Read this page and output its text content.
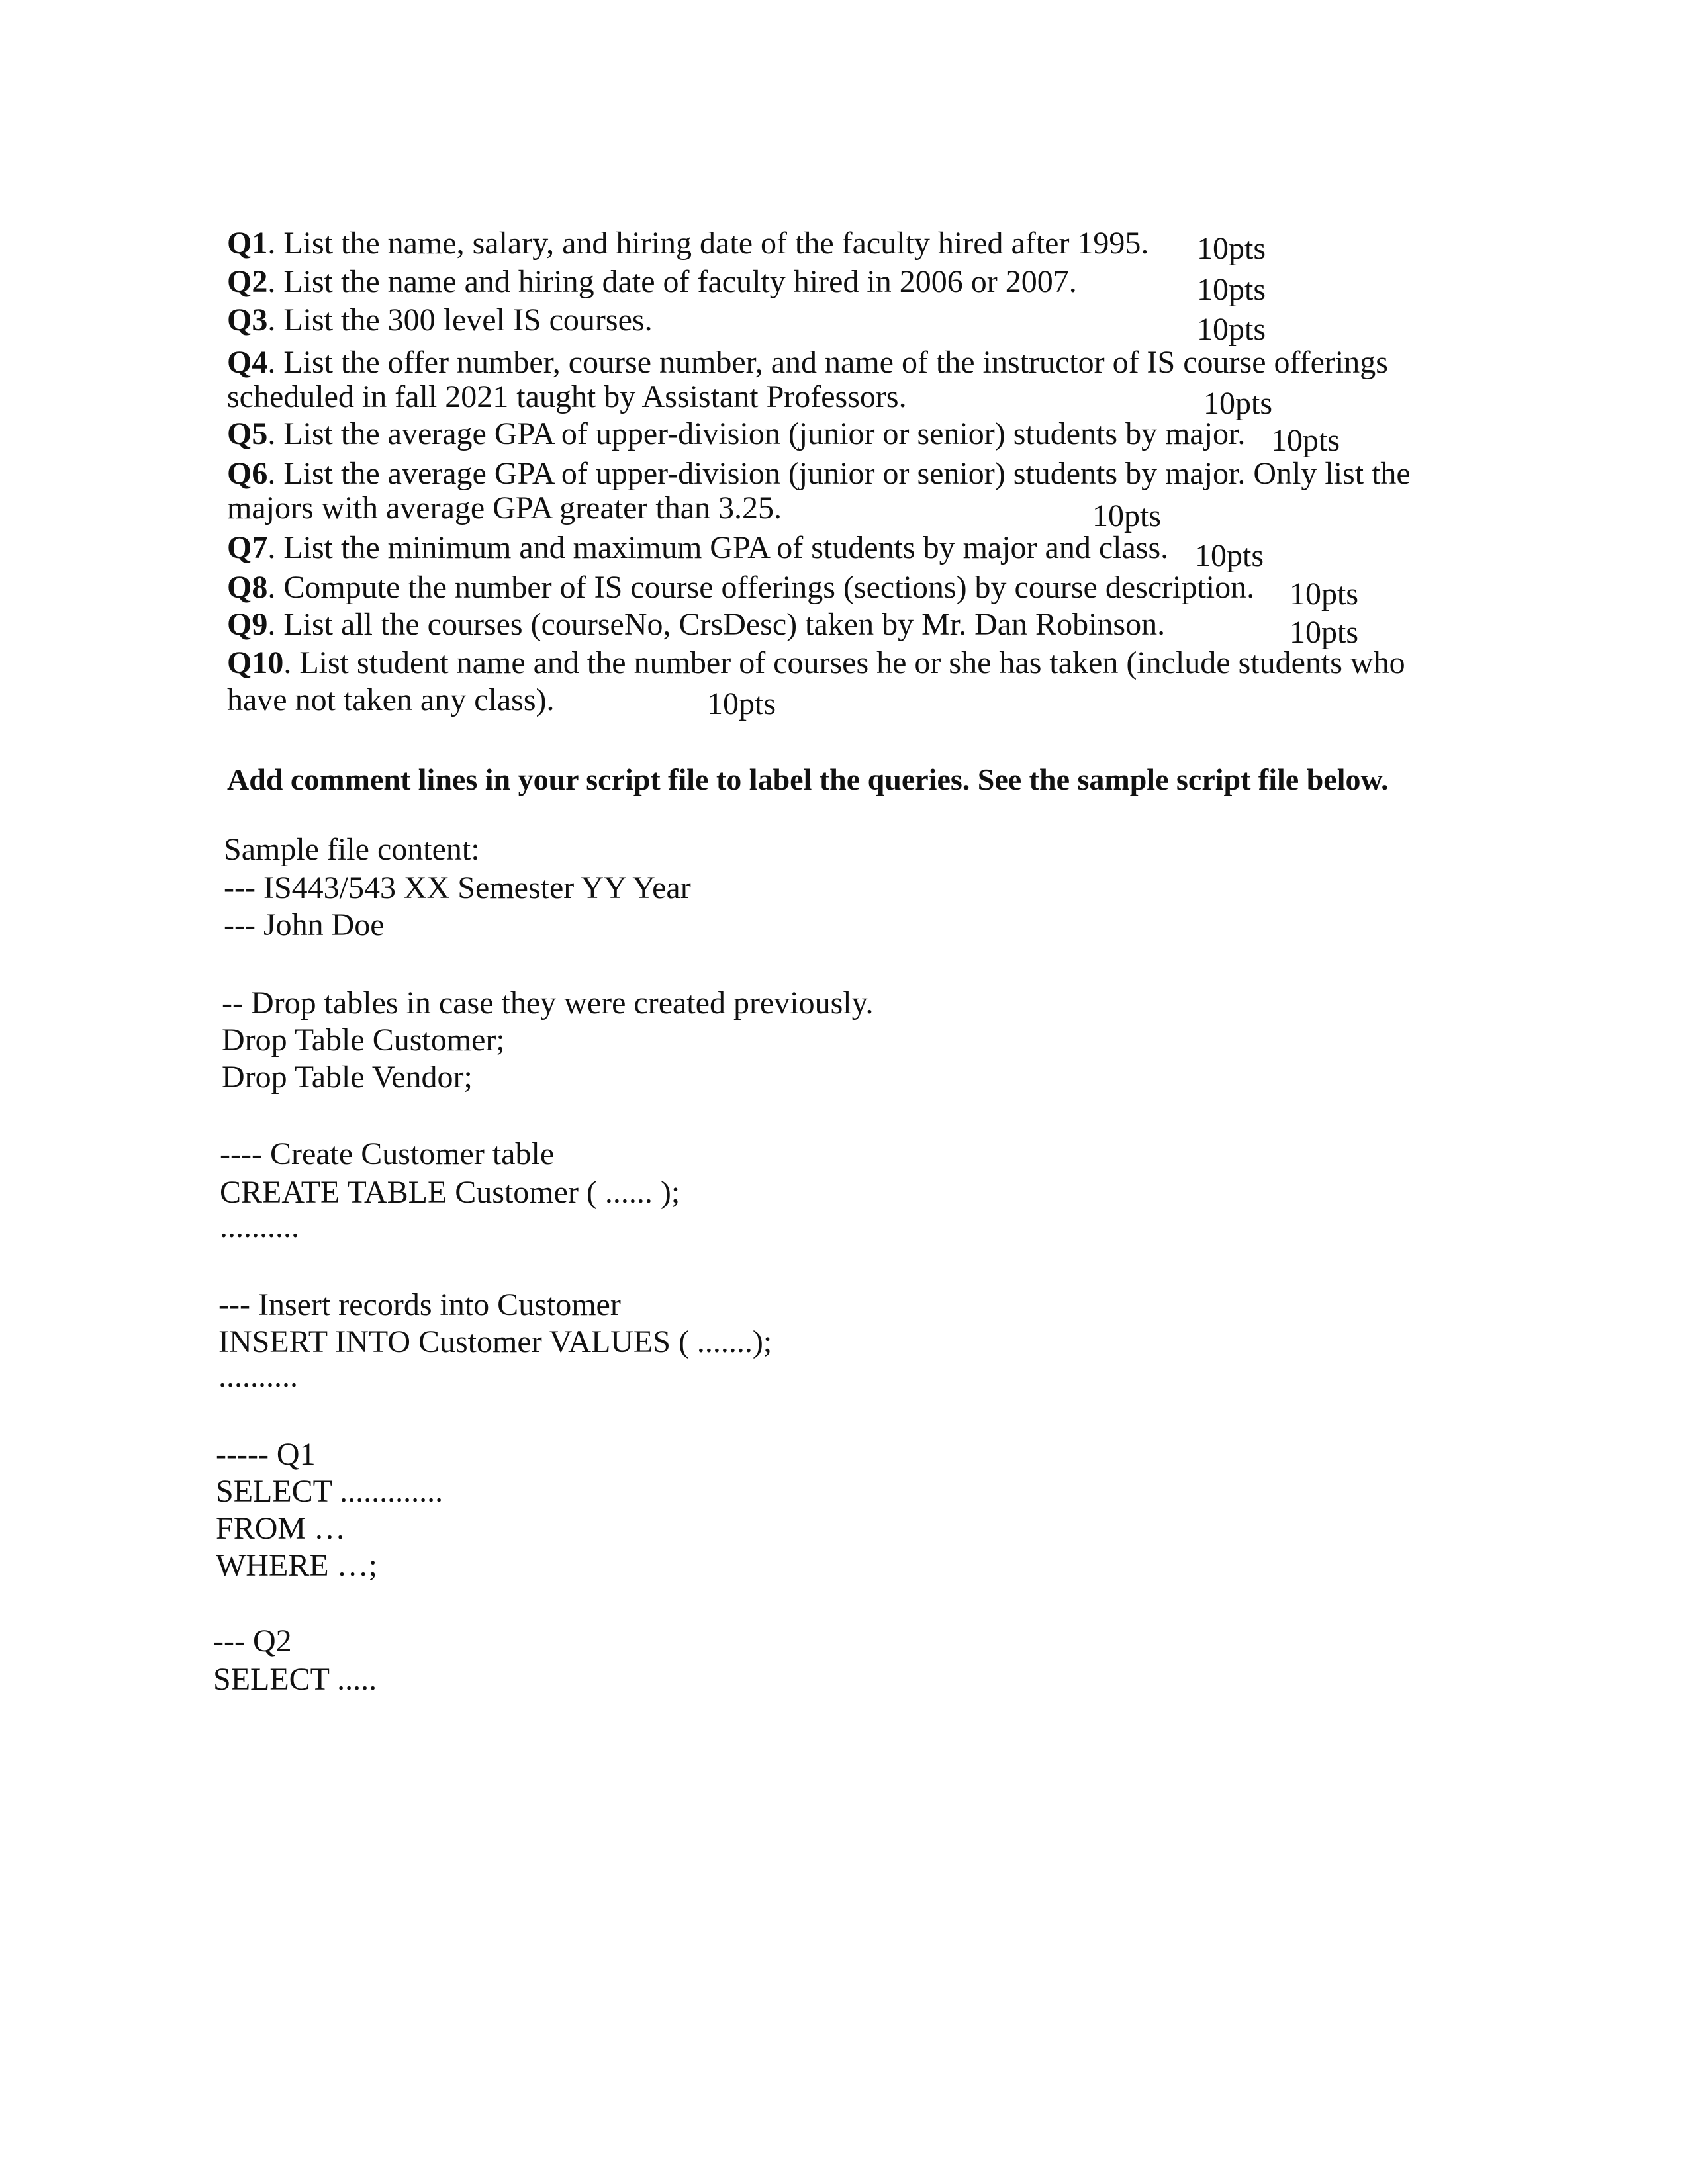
Q1. List the name, salary, and hiring date of the faculty hired after 1995. 10pts
Q2. List the name and hiring date of faculty hired in 2006 or 2007.	10pts
Q3. List the 300 level IS courses.	10pts
Q4. List the offer number, course number, and name of the instructor of IS course offerings
scheduled in fall 2021 taught by Assistant Professors.	10pts
Q5. List the average GPA of upper-division (junior or senior) students by major. 10pts
Q6. List the average GPA of upper-division (junior or senior) students by major. Only list the
majors with average GPA greater than 3.25.	10pts
Q7. List the minimum and maximum GPA of students by major and class. 10pts
Q8. Compute the number of IS course offerings (sections) by course description. 10pts
Q9. List all the courses (courseNo, CrsDesc) taken by Mr. Dan Robinson.	10pts
Q10. List student name and the number of courses he or she has taken (include students who
have not taken any class).	10pts
Add comment lines in your script file to label the queries. See the sample script file below.
Sample file content:
--- IS443/543 XX Semester YY Year
--- John Doe
-- Drop tables in case they were created previously.
Drop Table Customer;
Drop Table Vendor;
---- Create Customer table
CREATE TABLE Customer ( ...... );
..........
--- Insert records into Customer
INSERT INTO Customer VALUES ( .......);
..........
----- Q1
SELECT .............
FROM …
WHERE …;
--- Q2
SELECT .....
